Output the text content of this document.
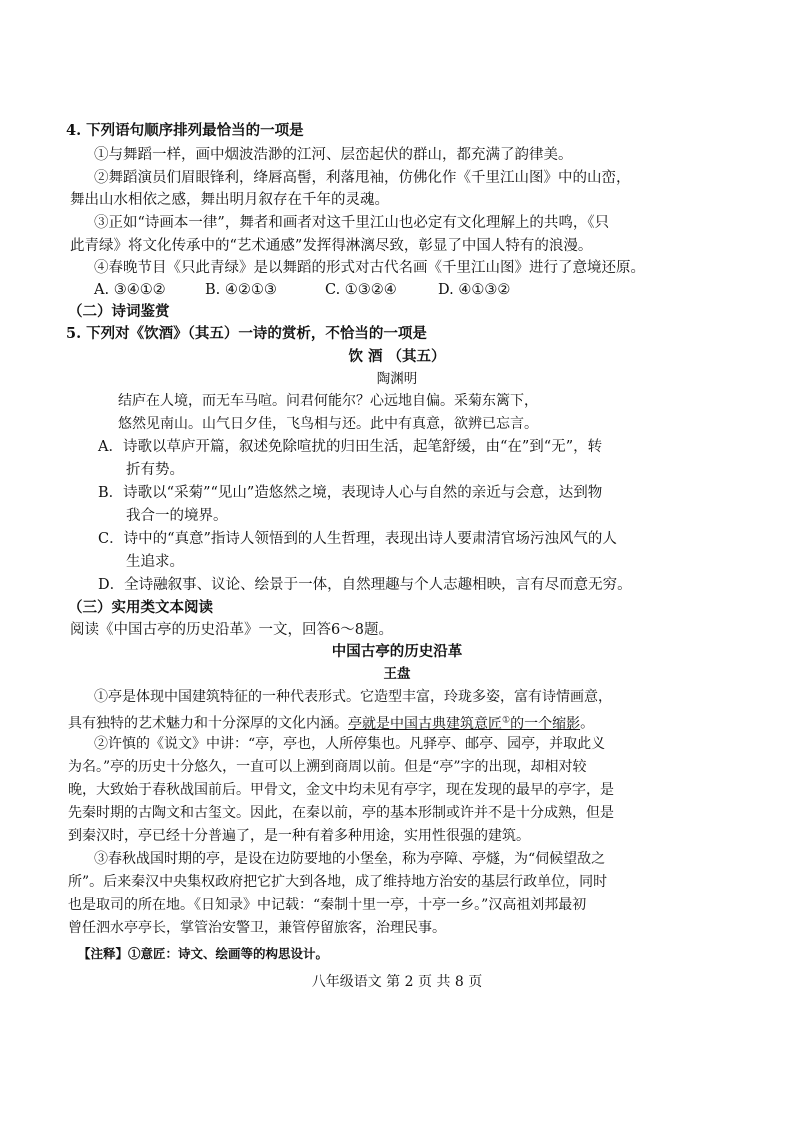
4. 下列语句顺序排列最恰当的一项是
①与舞蹈一样，画中烟波浩渺的江河、层峦起伏的群山，都充满了韵律美。
②舞蹈演员们眉眼锋利，绛唇高髻，利落甩袖，仿佛化作《千里江山图》中的山峦，
舞出山水相依之感，舞出明月叙存在千年的灵魂。
③正如“诗画本一律”，舞者和画者对这千里江山也必定有文化理解上的共鸣，《只
此青绿》将文化传承中的“艺术通感”发挥得淋漓尽致，彰显了中国人特有的浪漫。
④春晚节目《只此青绿》是以舞蹈的形式对古代名画《千里江山图》进行了意境还原。
A. ③④①②	B. ④②①③	C. ①③②④	D. ④①③②
（二）诗词鉴赏
5. 下列对《饮酒》（其五）一诗的赏析，不恰当的一项是
饮 酒 （其五）
陶渊明
结庐在人境，而无车马喧。问君何能尔？心远地自偏。采菊东篱下，
悠然见南山。山气日夕佳，飞鸟相与还。此中有真意，欲辨已忘言。
A．诗歌以草庐开篇，叙述免除喧扰的归田生活，起笔舒缓，由“在”到“无”，转
折有势。
B．诗歌以“采菊”“见山”造悠然之境，表现诗人心与自然的亲近与会意，达到物
我合一的境界。
C．诗中的“真意”指诗人领悟到的人生哲理，表现出诗人要肃清官场污浊风气的人
生追求。
D．全诗融叙事、议论、绘景于一体，自然理趣与个人志趣相映，言有尽而意无穷。
（三）实用类文本阅读
阅读《中国古亭的历史沿革》一文，回答6～8题。
中国古亭的历史沿革
王盘
①亭是体现中国建筑特征的一种代表形式。它造型丰富，玲珑多姿，富有诗情画意，
具有独特的艺术魅力和十分深厚的文化内涵。亭就是中国古典建筑意匠①的一个缩影。
②许慎的《说文》中讲：“亭，亭也，人所停集也。凡驿亭、邮亭、园亭，并取此义
为名。”亭的历史十分悠久，一直可以上溯到商周以前。但是“亭”字的出现，却相对较
晚，大致始于春秋战国前后。甲骨文，金文中均未见有亭字，现在发现的最早的亭字，是
先秦时期的古陶文和古玺文。因此，在秦以前，亭的基本形制或许并不是十分成熟，但是
到秦汉时，亭已经十分普遍了，是一种有着多种用途，实用性很强的建筑。
③春秋战国时期的亭，是设在边防要地的小堡垒，称为亭障、亭燧，为“伺候望敌之
所”。后来秦汉中央集权政府把它扩大到各地，成了维持地方治安的基层行政单位，同时
也是取司的所在地。《日知录》中记载：“秦制十里一亭，十亭一乡。”汉高祖刘邦最初
曾任泗水亭亭长，掌管治安警卫，兼管停留旅客，治理民事。
【注释】①意匠：诗文、绘画等的构思设计。
八年级语文 第 2 页 共 8 页
